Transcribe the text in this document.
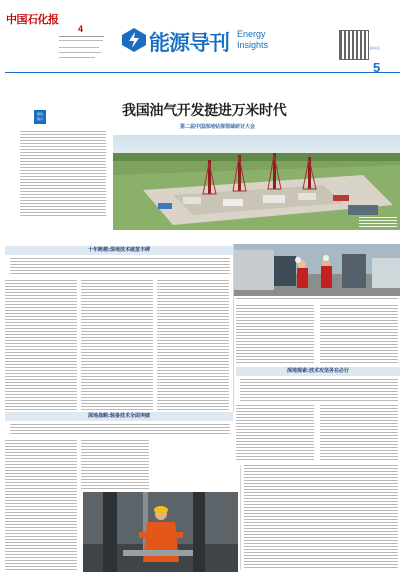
中国石化报
4
能源导刊 Energy
Insights	扫码关注
5
阅读
提示	我国油气开发挺进万米时代
第二届中国深地钻探领域研讨大会
十年跨越:深地技术破茧丰碑
深地探索:技术攻坚务在必行
深地战略:装备技术全面突破
